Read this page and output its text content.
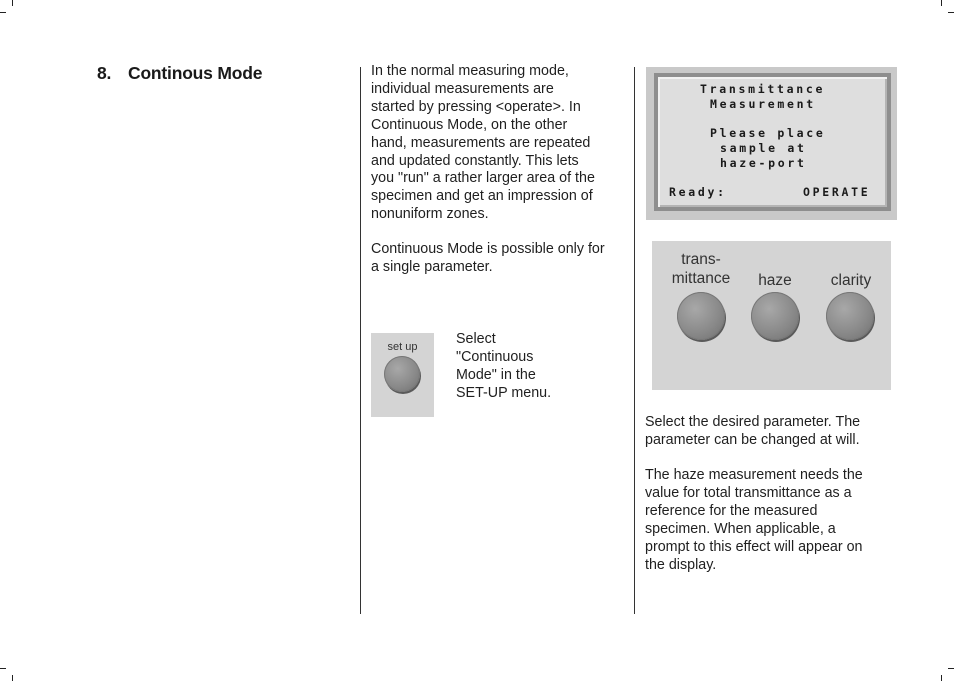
8. Continous Mode	In the normal measuring mode,
individual measurements are
started by pressing <operate>. In
Continuous Mode, on the other
hand, measurements are repeated
and updated constantly. This lets
you "run" a rather larger area of the
specimen and get an impression of
nonuniform zones.

Continuous Mode is possible only for
a single parameter.

set up	Select
"Continuous
Mode" in the
SET-UP menu.

Transmittance

Measurement

Please place

sample at

haze-port

Ready:	OPERATE

trans-
mittance	haze	clarity

Select the desired parameter. The
parameter can be changed at will.

The haze measurement needs the
value for total transmittance as a
reference for the measured
specimen. When applicable, a
prompt to this effect will appear on
the display.
